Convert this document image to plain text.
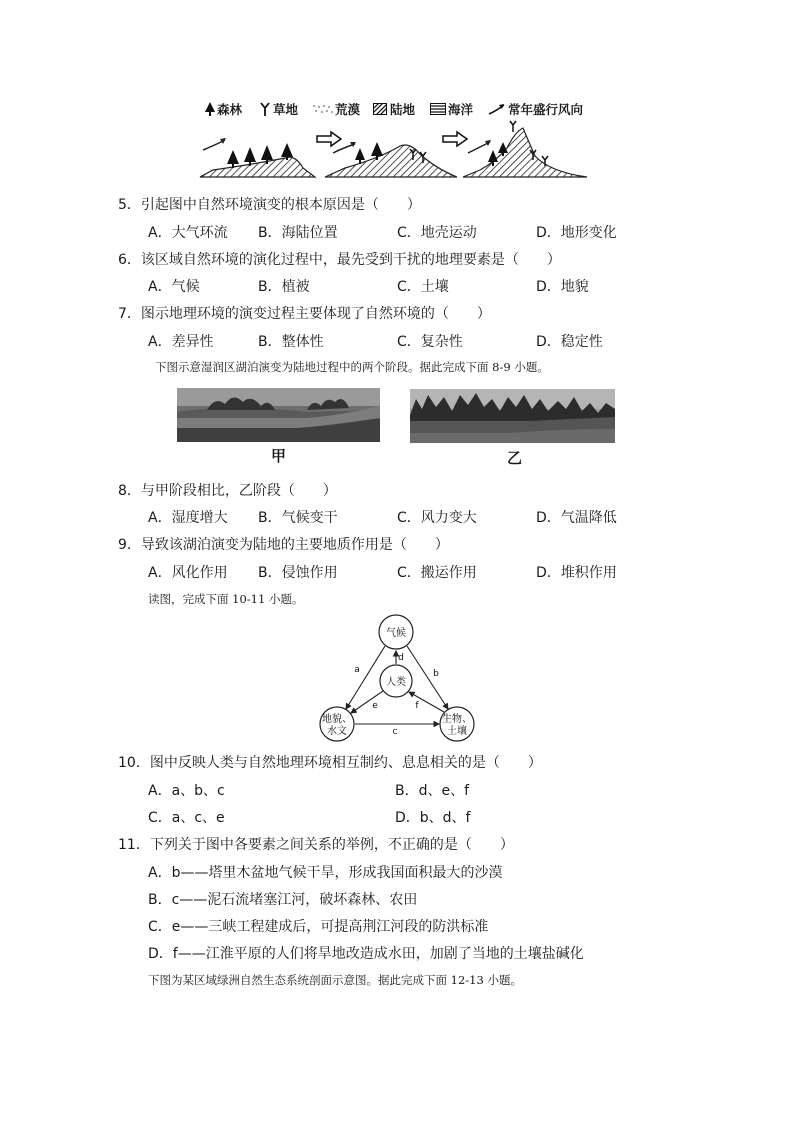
森林 草地	荒漠 陆地	海洋	常年盛行风向
5．引起图中自然环境演变的根本原因是（　　）
A．大气环流 B．海陆位置	C．地壳运动	D．地形变化
6．该区域自然环境的演化过程中，最先受到干扰的地理要素是（　　）
A．气候	B．植被	C．土壤	D．地貌
7．图示地理环境的演变过程主要体现了自然环境的（　　）
A．差异性	B．整体性	C．复杂性	D．稳定性
下图示意湿润区湖泊演变为陆地过程中的两个阶段。据此完成下面 8-9 小题。
甲	乙
8．与甲阶段相比，乙阶段（　　）
A．湿度增大 B．气候变干	C．风力变大	D．气温降低
9．导致该湖泊演变为陆地的主要地质作用是（　　）
A．风化作用 B．侵蚀作用	C．搬运作用	D．堆积作用
读图，完成下面 10-11 小题。
气候
人类
地貌、
水文
生物、
土壤
a	b
c
d
e	f
10．图中反映人类与自然地理环境相互制约、息息相关的是（　　）
A．a、b、c	B．d、e、f
C．a、c、e	D．b、d、f
11．下列关于图中各要素之间关系的举例，不正确的是（　　）
A．b——塔里木盆地气候干旱，形成我国面积最大的沙漠
B．c——泥石流堵塞江河，破坏森林、农田
C．e——三峡工程建成后，可提高荆江河段的防洪标准
D．f——江淮平原的人们将旱地改造成水田，加剧了当地的土壤盐碱化
下图为某区域绿洲自然生态系统剖面示意图。据此完成下面 12-13 小题。
